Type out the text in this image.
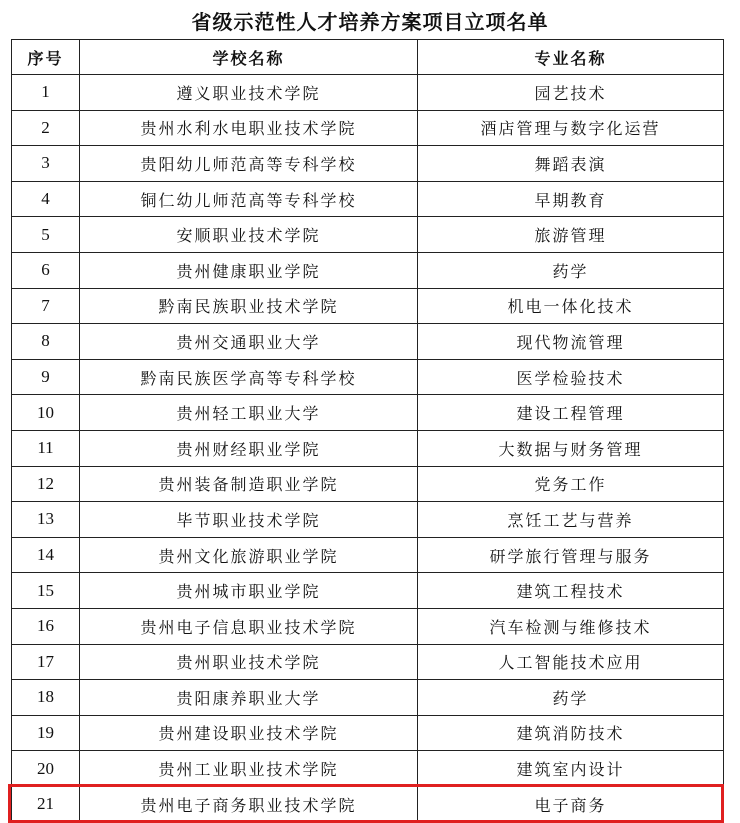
省级示范性人才培养方案项目立项名单
序号	学校名称	专业名称
1	遵义职业技术学院	园艺技术
2	贵州水利水电职业技术学院	酒店管理与数字化运营
3	贵阳幼儿师范高等专科学校	舞蹈表演
4	铜仁幼儿师范高等专科学校	早期教育
5	安顺职业技术学院	旅游管理
6	贵州健康职业学院	药学
7	黔南民族职业技术学院	机电一体化技术
8	贵州交通职业大学	现代物流管理
9	黔南民族医学高等专科学校	医学检验技术
10	贵州轻工职业大学	建设工程管理
11	贵州财经职业学院	大数据与财务管理
12	贵州装备制造职业学院	党务工作
13	毕节职业技术学院	烹饪工艺与营养
14	贵州文化旅游职业学院	研学旅行管理与服务
15	贵州城市职业学院	建筑工程技术
16	贵州电子信息职业技术学院	汽车检测与维修技术
17	贵州职业技术学院	人工智能技术应用
18	贵阳康养职业大学	药学
19	贵州建设职业技术学院	建筑消防技术
20	贵州工业职业技术学院	建筑室内设计
21	贵州电子商务职业技术学院	电子商务
